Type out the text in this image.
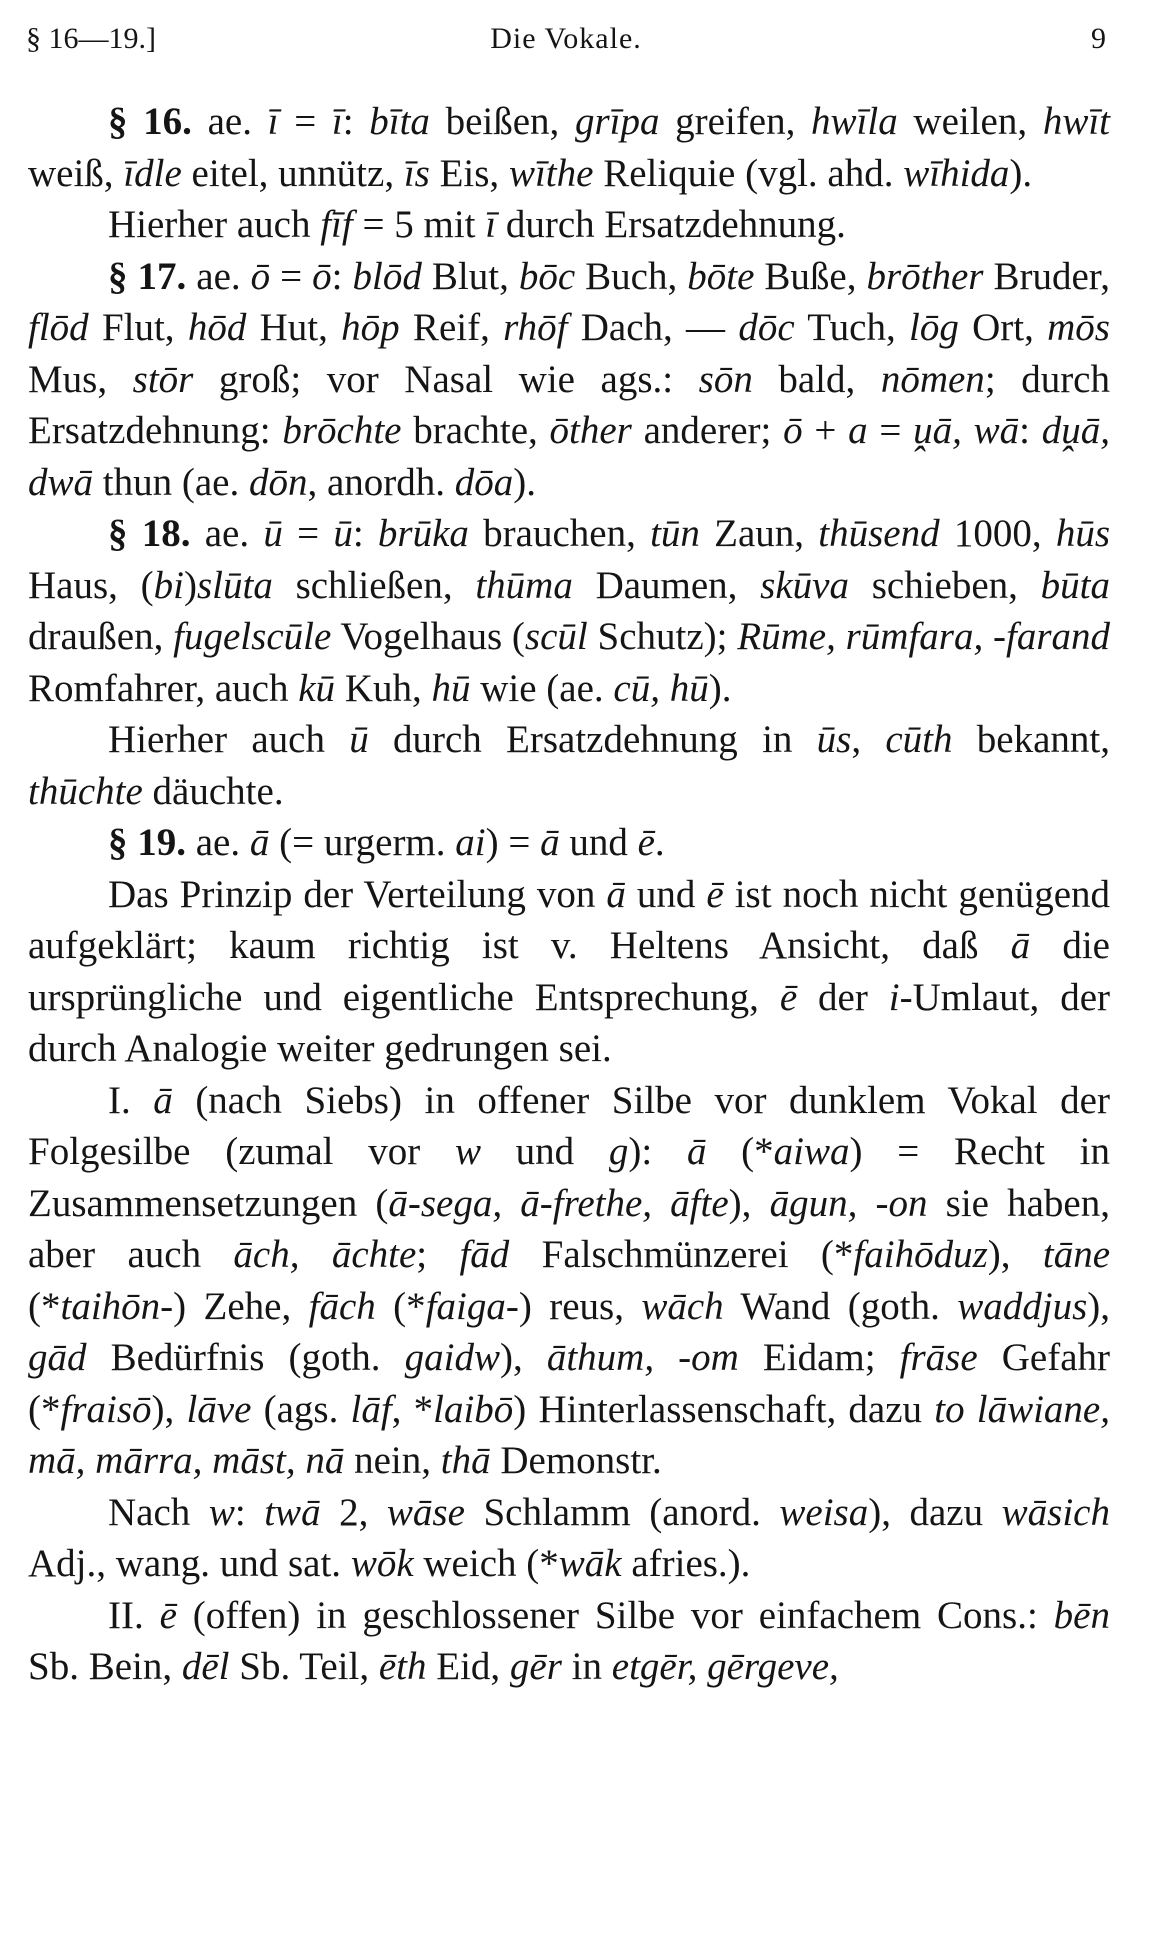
§ 16—19.]	Die Vokale.	9

§ 16. ae. ī = ī: bīta beißen, grīpa greifen, hwīla weilen, hwīt weiß, īdle eitel, unnütz, īs Eis, wīthe Reliquie (vgl. ahd. wīhida).

Hierher auch fīf = 5 mit ī durch Ersatzdehnung.

§ 17. ae. ō = ō: blōd Blut, bōc Buch, bōte Buße, brōther Bruder, flōd Flut, hōd Hut, hōp Reif, rhōf Dach, — dōc Tuch, lōg Ort, mōs Mus, stōr groß; vor Nasal wie ags.: sōn bald, nōmen; durch Ersatzdehnung: brōchte brachte, ōther anderer; ō + a = ṷā, wā: dṷā, dwā thun (ae. dōn, anordh. dōa).

§ 18. ae. ū = ū: brūka brauchen, tūn Zaun, thūsend 1000, hūs Haus, (bi)slūta schließen, thūma Daumen, skūva schieben, būta draußen, fugelscūle Vogelhaus (scūl Schutz); Rūme, rūmfara, -farand Romfahrer, auch kū Kuh, hū wie (ae. cū, hū).

Hierher auch ū durch Ersatzdehnung in ūs, cūth bekannt, thūchte däuchte.

§ 19. ae. ā (= urgerm. ai) = ā und ē.

Das Prinzip der Verteilung von ā und ē ist noch nicht genügend aufgeklärt; kaum richtig ist v. Heltens Ansicht, daß ā die ursprüngliche und eigentliche Entsprechung, ē der i-Umlaut, der durch Analogie weiter gedrungen sei.

I. ā (nach Siebs) in offener Silbe vor dunklem Vokal der Folgesilbe (zumal vor w und g): ā (*aiwa) = Recht in Zusammensetzungen (ā-sega, ā-frethe, āfte), āgun, -on sie haben, aber auch āch, āchte; fād Falschmünzerei (*faihōduz), tāne (*taihōn-) Zehe, fāch (*faiga-) reus, wāch Wand (goth. waddjus), gād Bedürfnis (goth. gaidw), āthum, -om Eidam; frāse Gefahr (*fraisō), lāve (ags. lāf, *laibō) Hinterlassenschaft, dazu to lāwiane, mā, mārra, māst, nā nein, thā Demonstr.

Nach w: twā 2, wāse Schlamm (anord. weisa), dazu wāsich Adj., wang. und sat. wōk weich (*wāk afries.).

II. ē (offen) in geschlossener Silbe vor einfachem Cons.: bēn Sb. Bein, dēl Sb. Teil, ēth Eid, gēr in etgēr, gērgeve,
